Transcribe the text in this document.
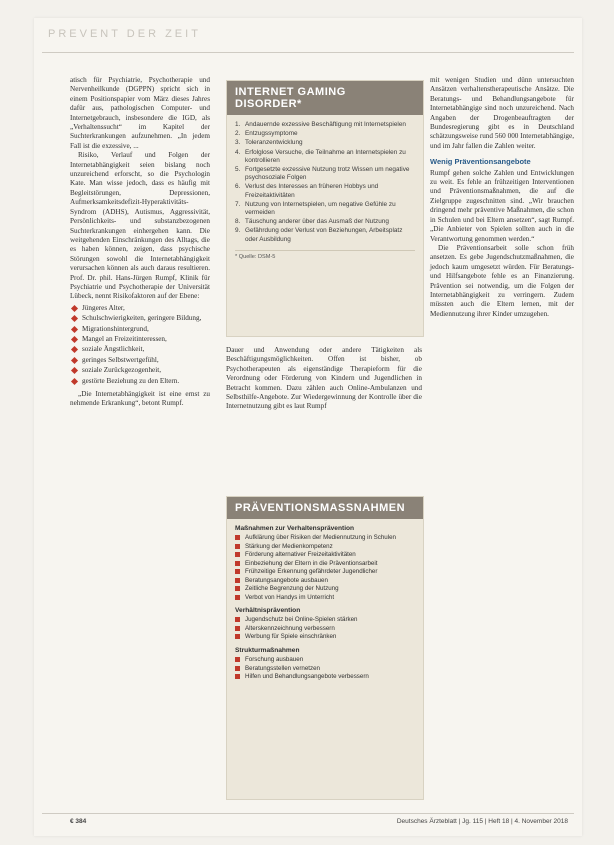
PREVENT DER ZEIT

atisch für Psychiatrie, Psychotherapie und Nervenheilkunde (DGPPN) spricht sich in einem Positionspapier vom März dieses Jahres dafür aus, pathologischen Computer- und Internetgebrauch, insbesondere die IGD, als „Verhaltenssucht“ im Kapitel der Suchterkrankungen aufzunehmen. „In jedem Fall ist die exzessive, ...

Risiko, Verlauf und Folgen der Internetabhängigkeit seien bislang noch unzureichend erforscht, so die Psychologin Kate. Man wisse jedoch, dass es häufig mit Begleitstörungen, Depressionen, Aufmerksamkeitsdefizit-Hyperaktivitäts-Syndrom (ADHS), Autismus, Aggressivität, Persönlichkeits- und substanzbezogenen Suchterkrankungen einhergehen kann. Die weitgehenden Einschränkungen des Alltags, die es haben können, zeigen, dass psychische Störungen sowohl die Internetabhängigkeit verursachen können als auch daraus resultieren. Prof. Dr. phil. Hans-Jürgen Rumpf, Klinik für Psychiatrie und Psychotherapie der Universität Lübeck, nennt Risikofaktoren auf der Ebene:

Jüngeres Alter,
Schulschwierigkeiten, geringere Bildung,
Migrationshintergrund,
Mangel an Freizeitinteressen,
soziale Ängstlichkeit,
geringes Selbstwertgefühl,
soziale Zurückgezogenheit,
gestörte Beziehung zu den Eltern.

„Die Internetabhängigkeit ist eine ernst zu nehmende Erkrankung“, betont Rumpf.

INTERNET GAMING DISORDER*
1. Andauernde exzessive Beschäftigung mit Internetspielen
2. Entzugssymptome
3. Toleranzentwicklung
4. Erfolglose Versuche, die Teilnahme an Internetspielen zu kontrollieren
5. Fortgesetzte exzessive Nutzung trotz Wissen um negative psychosoziale Folgen
6. Verlust des Interesses an früheren Hobbys und Freizeitaktivitäten
7. Nutzung von Internetspielen, um negative Gefühle zu vermeiden
8. Täuschung anderer über das Ausmaß der Nutzung
9. Gefährdung oder Verlust von Beziehungen, Arbeitsplatz oder Ausbildung
* Quelle: DSM-5
Dauer und Anwendung oder andere Tätigkeiten als Beschäftigungsmöglichkeiten. Offen ist bisher, ob Psychotherapeuten als eigenständige Therapieform für die Verordnung oder Förderung von Kindern und Jugendlichen in Betracht kommen. Dazu zählen auch Online-Ambulanzen und Selbsthilfe-Angebote. Zur Wiedergewinnung der Kontrolle über die Internetnutzung gibt es laut Rumpf
PRÄVENTIONSMASSNAHMEN
Maßnahmen zur Verhaltensprävention
Aufklärung über Risiken der Mediennutzung in Schulen
Stärkung der Medienkompetenz
Förderung alternativer Freizeitaktivitäten
Einbeziehung der Eltern in die Präventionsarbeit
Frühzeitige Erkennung gefährdeter Jugendlicher
Beratungsangebote ausbauen
Zeitliche Begrenzung der Nutzung
Verbot von Handys im Unterricht
Verhältnisprävention
Jugendschutz bei Online-Spielen stärken
Alterskennzeichnung verbessern
Werbung für Spiele einschränken
Strukturmaßnahmen
Forschung ausbauen
Beratungsstellen vernetzen
Hilfen und Behandlungsangebote verbessern

mit wenigen Studien und dünn untersuchten Ansätzen verhaltenstherapeutische Ansätze. Die Beratungs- und Behandlungsangebote für Internetabhängige sind noch unzureichend. Nach Angaben der Drogenbeauftragten der Bundesregierung gibt es in Deutschland schätzungsweise rund 560 000 Internetabhängige, und im Jahr fallen die Zahlen weiter.

Wenig Präventionsangebote

Rumpf gehen solche Zahlen und Entwicklungen zu weit. Es fehle an frühzeitigen Interventionen und Präventionsmaßnahmen, die auf die Zielgruppe zugeschnitten sind. „Wir brauchen dringend mehr präventive Maßnahmen, die schon in Schulen und bei Eltern ansetzen“, sagt Rumpf. „Die Anbieter von Spielen sollten auch in die Verantwortung genommen werden.“

Die Präventionsarbeit solle schon früh ansetzen. Es gebe Jugendschutzmaßnahmen, die jedoch kaum umgesetzt würden. Für Beratungs- und Hilfsangebote fehle es an Finanzierung. Prävention sei notwendig, um die Folgen der Internetabhängigkeit zu verringern. Zudem müssten auch die Eltern lernen, mit der Mediennutzung ihrer Kinder umzugehen.

€ 384	Deutsches Ärzteblatt | Jg. 115 | Heft 18 | 4. November 2018
